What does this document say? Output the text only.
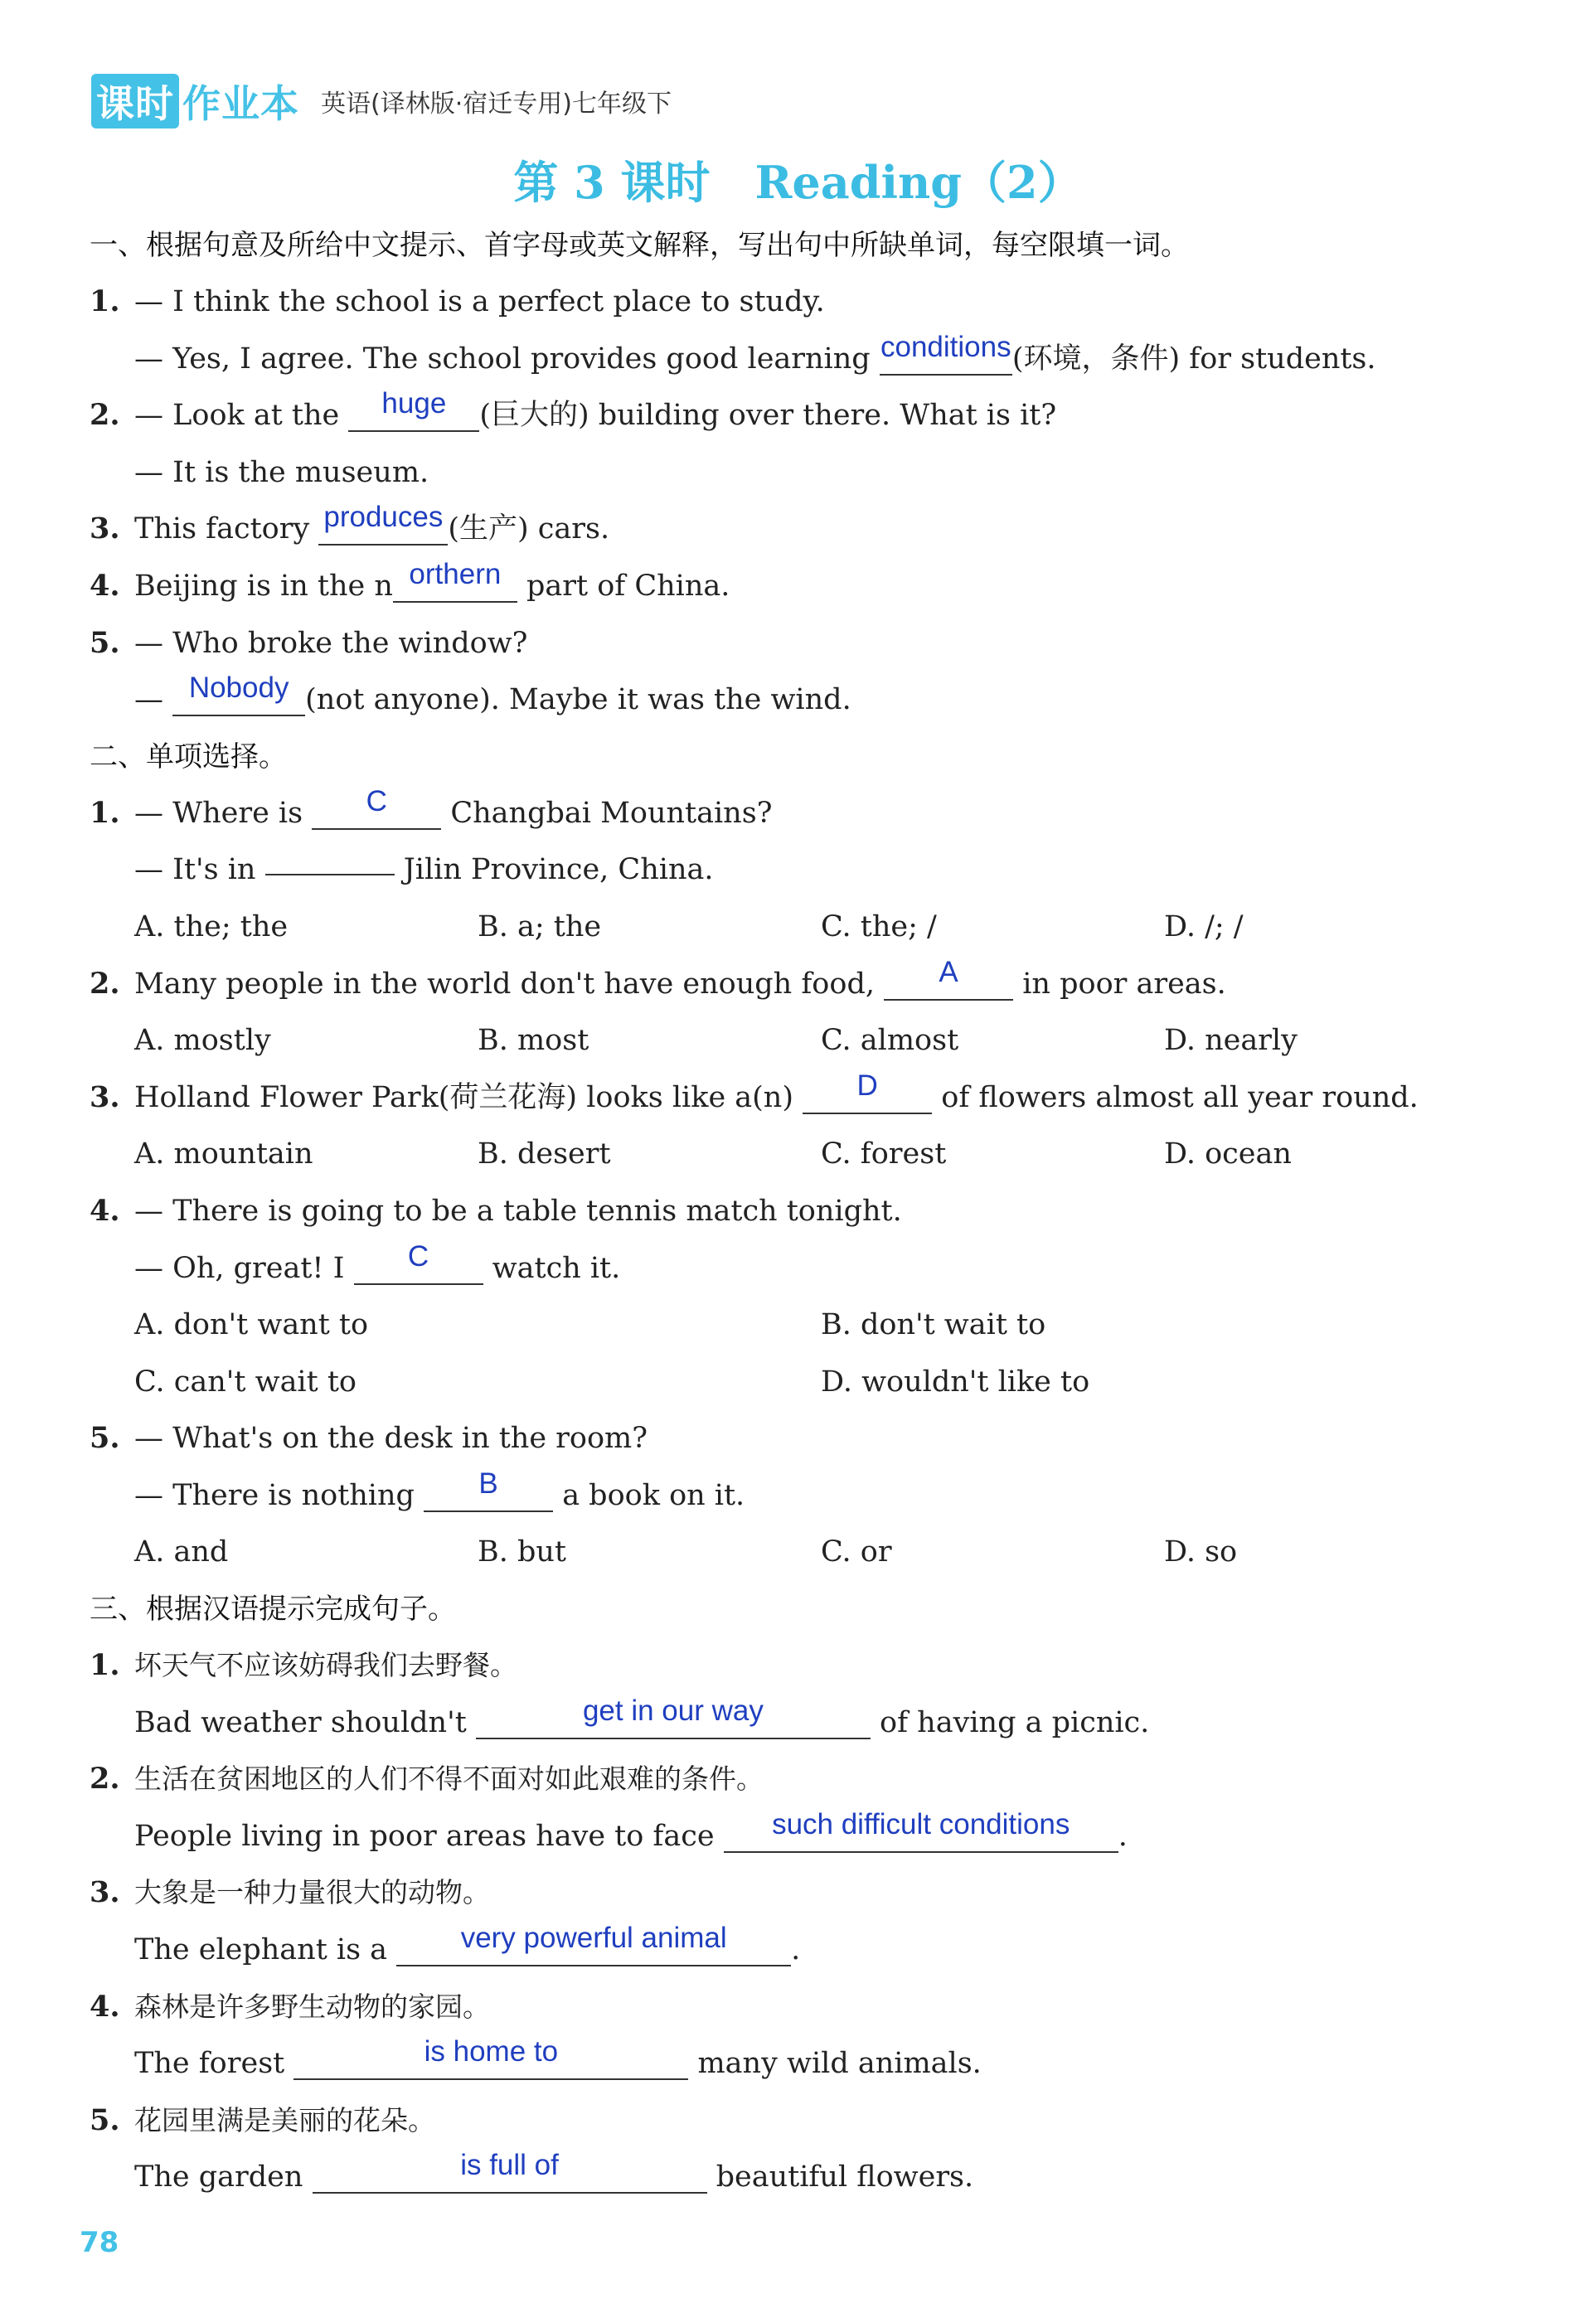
课时 作业本 英语(译林版·宿迁专用)七年级下
第 3 课时　Reading（2）
一、根据句意及所给中文提示、首字母或英文解释，写出句中所缺单词，每空限填一词。
1. — I think the school is a perfect place to study.
— Yes, I agree. The school provides good learning conditions(环境，条件) for students.
2. — Look at the huge (巨大的) building over there. What is it?
— It is the museum.
3. This factory produces (生产) cars.
4. Beijing is in the n orthern part of China.
5. — Who broke the window?
— Nobody (not anyone). Maybe it was the wind.
二、单项选择。
1. — Where is C Changbai Mountains?
— It's in	Jilin Province, China.
A. the; the	B. a; the	C. the; /	D. /; /
2. Many people in the world don't have enough food, A in poor areas.
A. mostly	B. most	C. almost	D. nearly
3. Holland Flower Park(荷兰花海) looks like a(n) D of flowers almost all year round.
A. mountain	B. desert	C. forest	D. ocean
4. — There is going to be a table tennis match tonight.
— Oh, great! I C watch it.
A. don't want to	B. don't wait to
C. can't wait to	D. wouldn't like to
5. — What's on the desk in the room?
— There is nothing B a book on it.
A. and	B. but	C. or	D. so
三、根据汉语提示完成句子。
1. 坏天气不应该妨碍我们去野餐。
Bad weather shouldn't	get in our way	of having a picnic.
2. 生活在贫困地区的人们不得不面对如此艰难的条件。
People living in poor areas have to face such difficult conditions .
3. 大象是一种力量很大的动物。
The elephant is a very powerful animal .
4. 森林是许多野生动物的家园。
The forest	is home to	many wild animals.
5. 花园里满是美丽的花朵。
The garden	is full of	beautiful flowers.
78
